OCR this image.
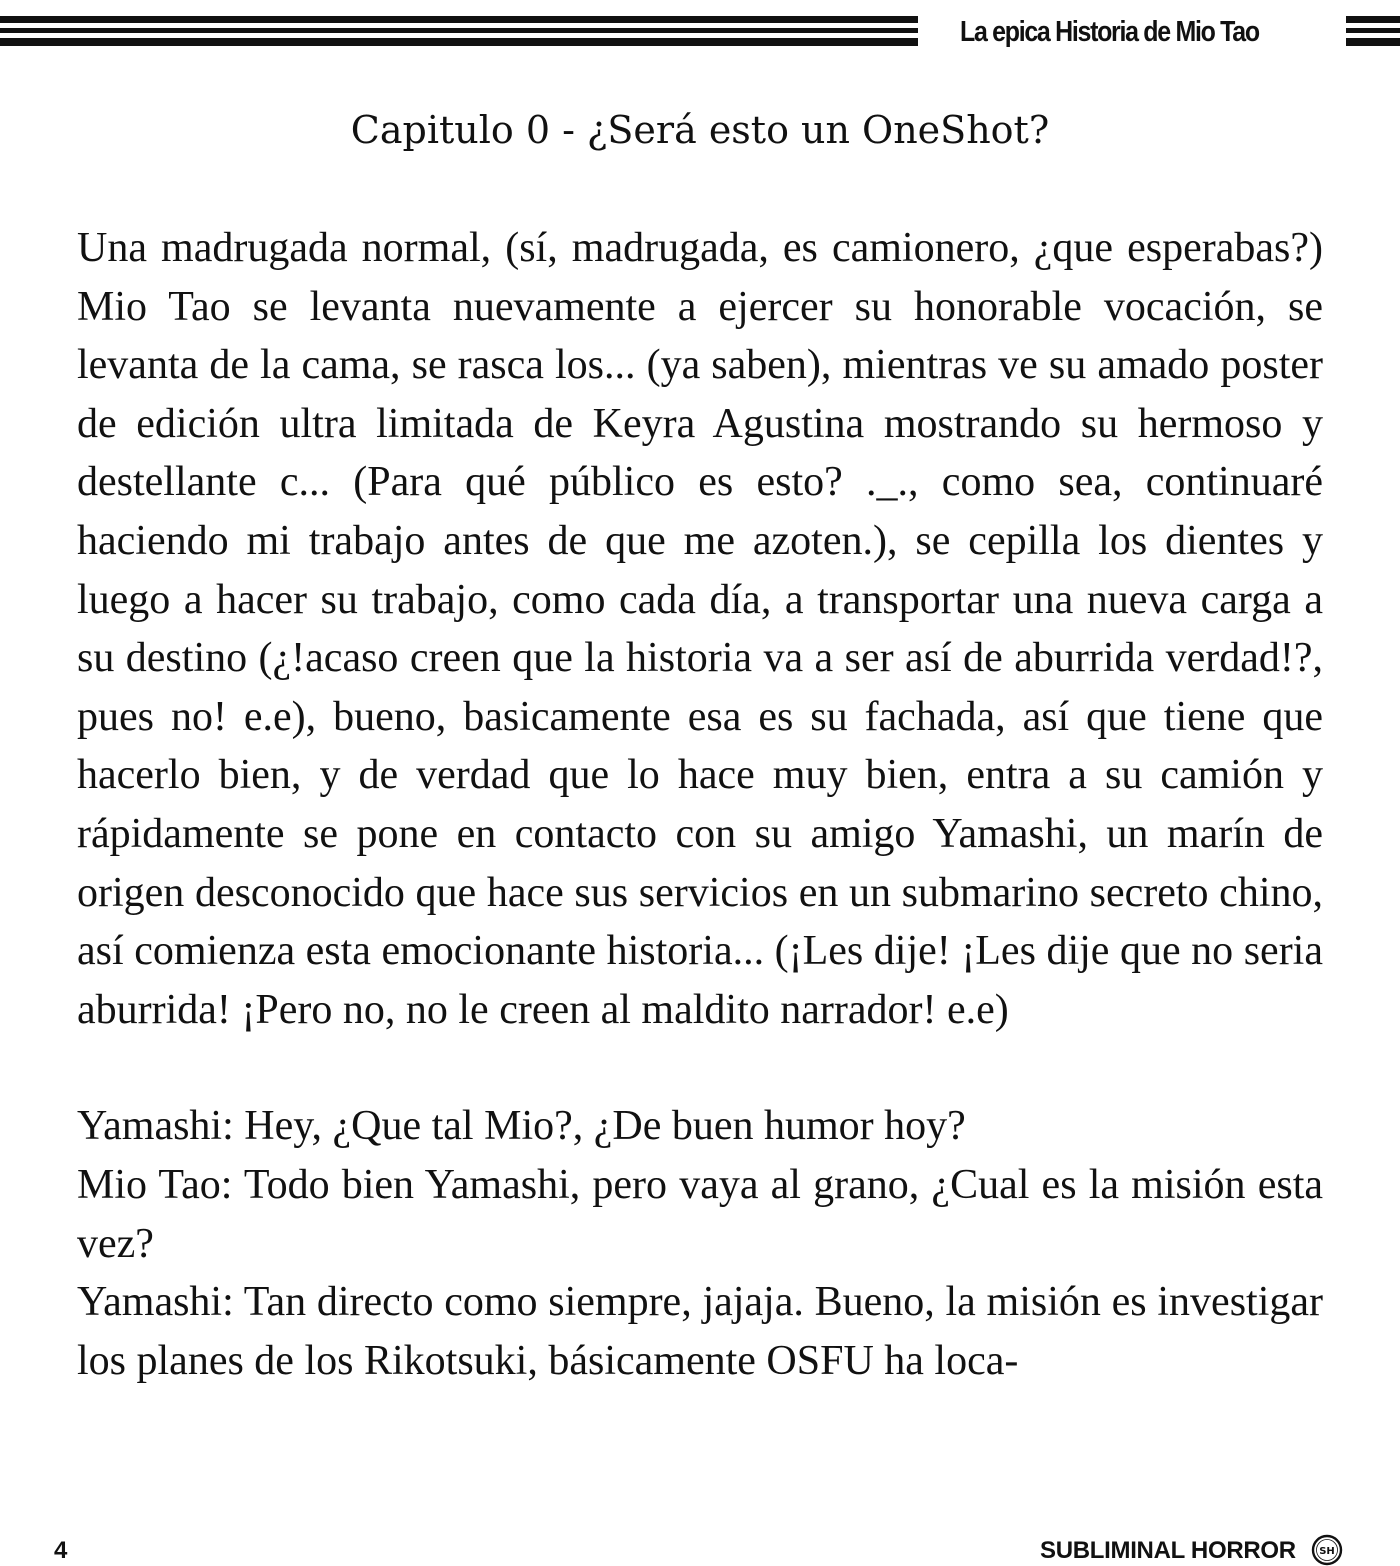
La epica Historia de Mio Tao
Capitulo 0 - ¿Será esto un OneShot?

Una madrugada normal, (sí, madrugada, es camionero, ¿que esperabas?) Mio Tao se levanta nuevamente a ejercer su honorable vocación, se levanta de la cama, se rasca los... (ya saben), mientras ve su amado poster de edición ultra limitada de Keyra Agustina mostrando su hermoso y destellante c... (Para qué público es esto? ._., como sea, continuaré haciendo mi trabajo antes de que me azoten.), se cepilla los dientes y luego a hacer su trabajo, como cada día, a transportar una nueva carga a su destino (¿!acaso creen que la historia va a ser así de aburrida verdad!?, pues no! e.e), bueno, basicamente esa es su fachada, así que tiene que hacerlo bien, y de verdad que lo hace muy bien, entra a su camión y rápidamente se pone en contacto con su amigo Yamashi, un marín de origen desconocido que hace sus servicios en un submarino secreto chino, así comienza esta emocionante historia... (¡Les dije! ¡Les dije que no seria aburrida! ¡Pero no, no le creen al maldito narrador! e.e)

Yamashi: Hey, ¿Que tal Mio?, ¿De buen humor hoy?

Mio Tao: Todo bien Yamashi, pero vaya al grano, ¿Cual es la misión esta vez?

Yamashi: Tan directo como siempre, jajaja. Bueno, la misión es investigar los planes de los Rikotsuki, básicamente OSFU ha loca-

4	SUBLIMINAL HORROR	SH
